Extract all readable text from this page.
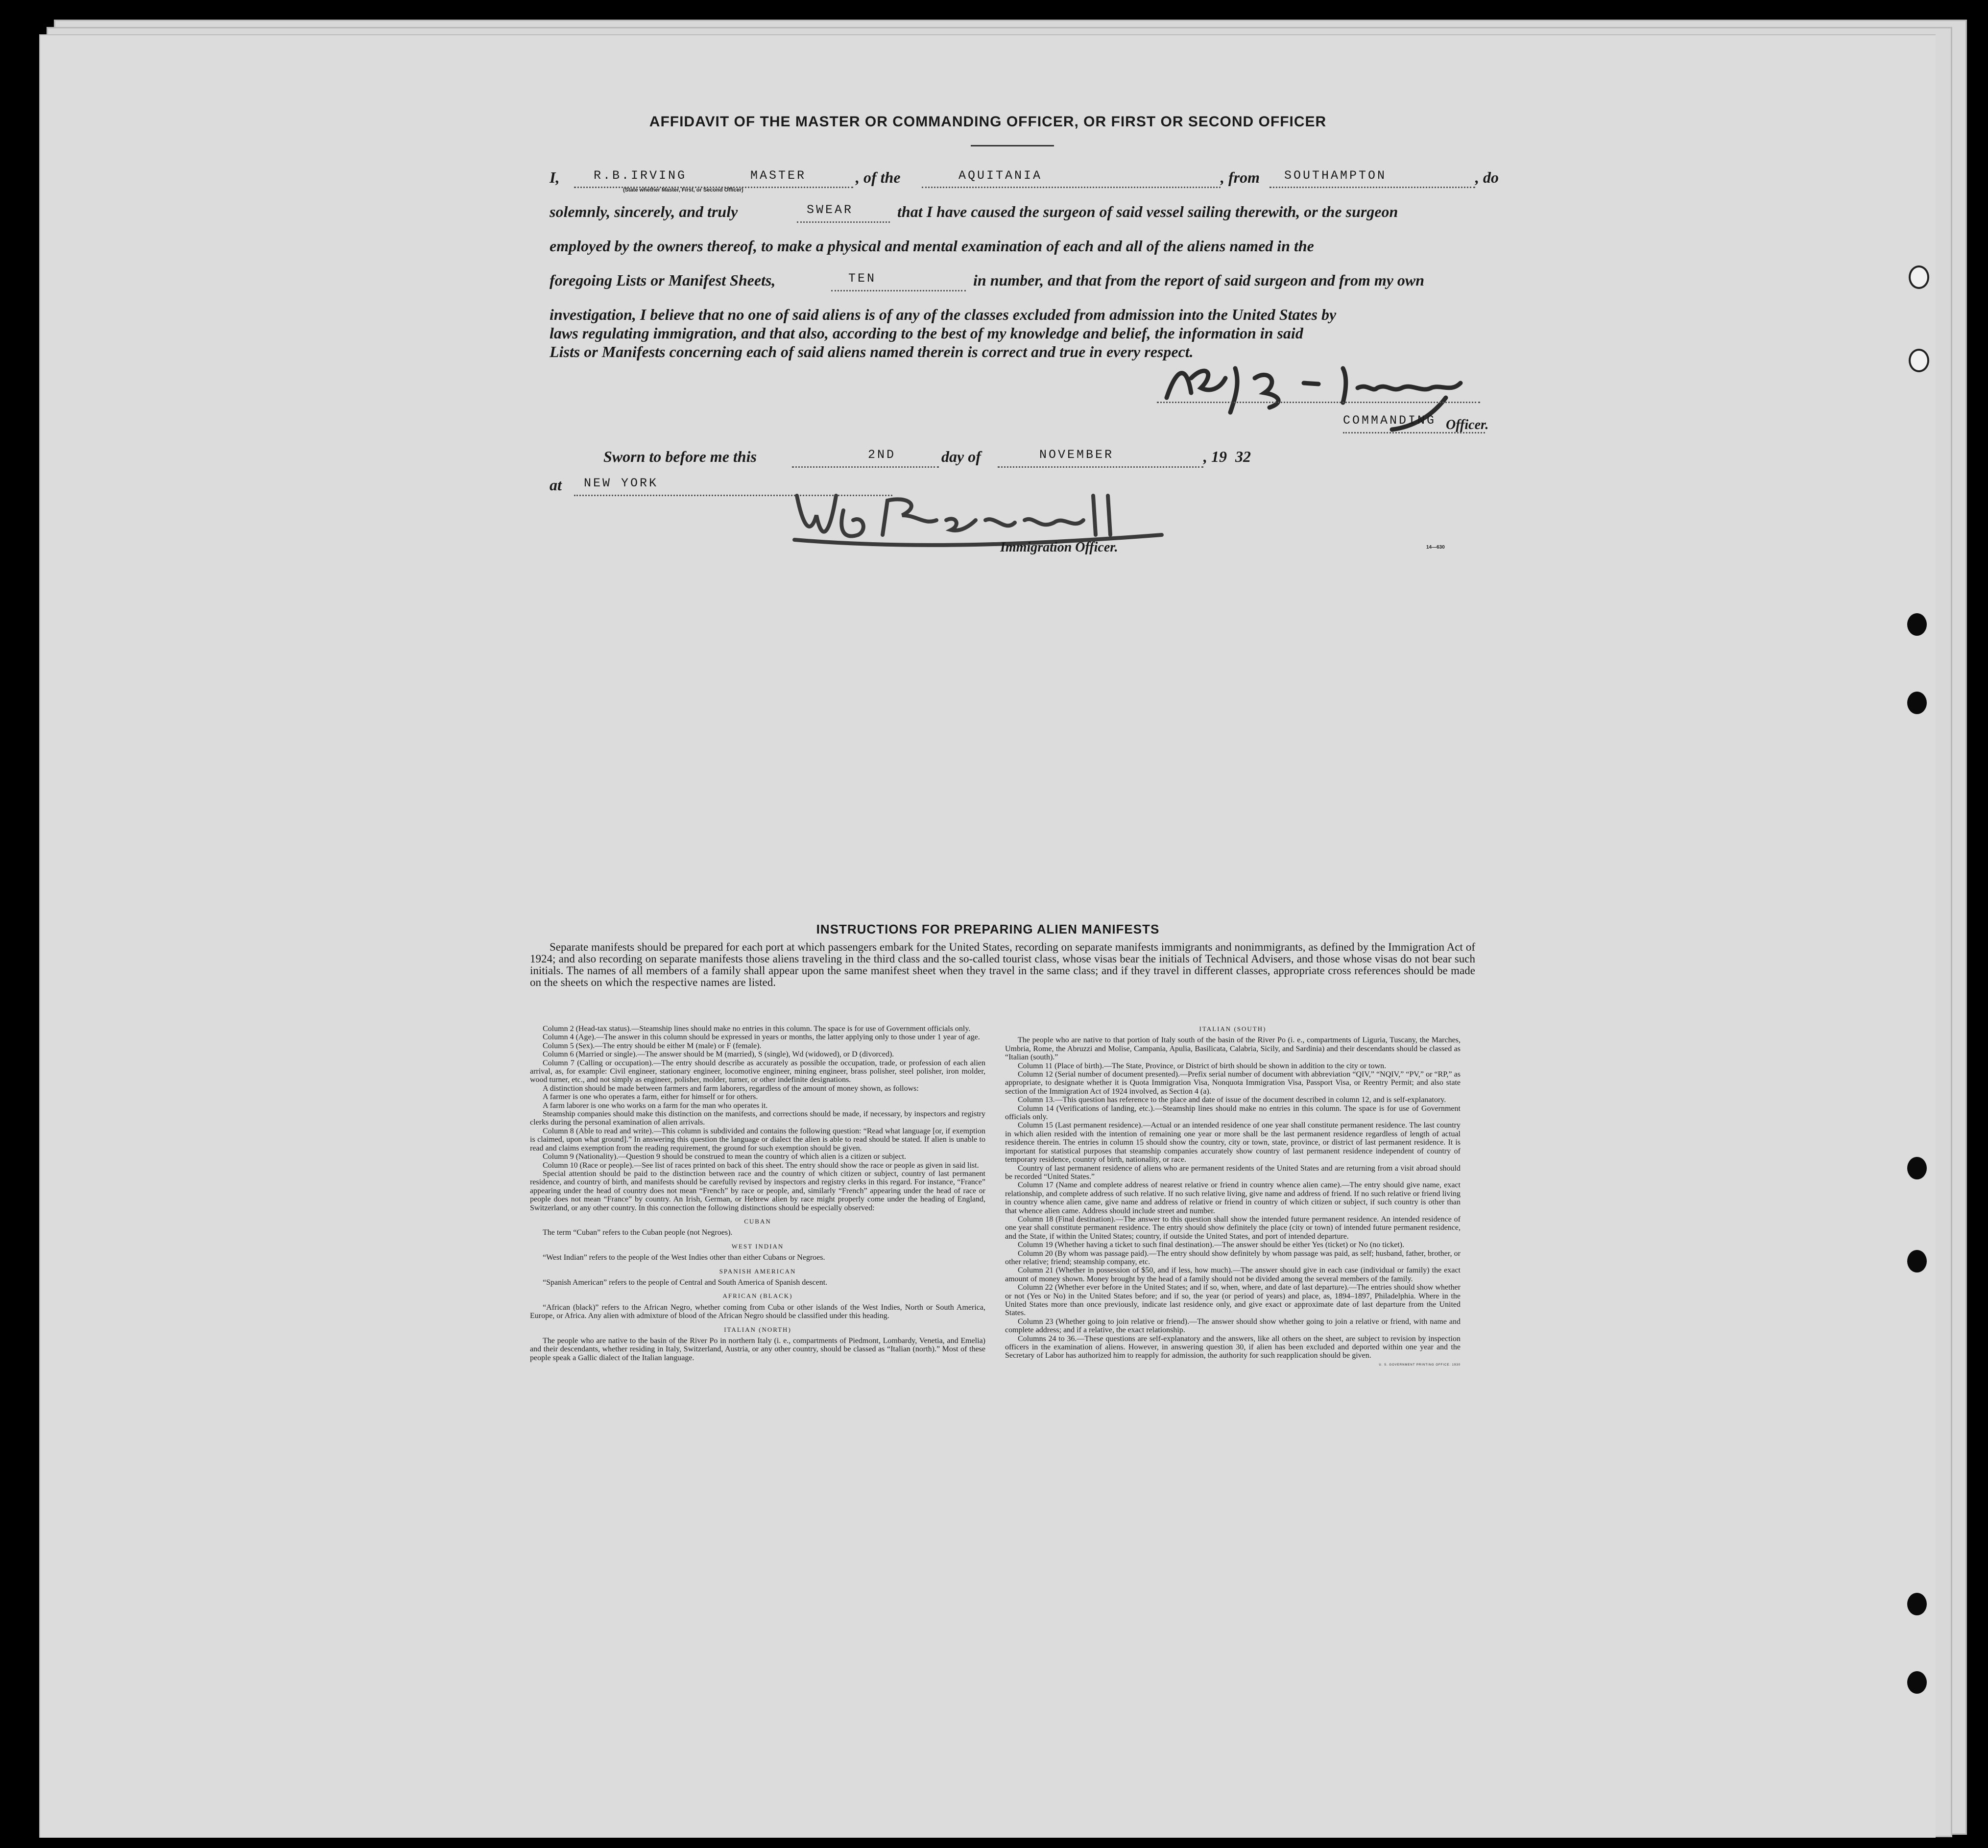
AFFIDAVIT OF THE MASTER OR COMMANDING OFFICER, OR FIRST OR SECOND OFFICER
I,	R.B.IRVING	MASTER
(State whether Master, First, or Second Officer)
, of the	AQUITANIA	, from SOUTHAMPTON	, do
solemnly, sincerely, and truly	SWEAR	that I have caused the surgeon of said vessel sailing therewith, or the surgeon
employed by the owners thereof, to make a physical and mental examination of each and all of the aliens named in the
foregoing Lists or Manifest Sheets,	TEN	in number, and that from the report of said surgeon and from my own
investigation, I believe that no one of said aliens is of any of the classes excluded from admission into the United States by
laws regulating immigration, and that also, according to the best of my knowledge and belief, the information in said
Lists or Manifests concerning each of said aliens named therein is correct and true in every respect.
COMMANDING Officer.
Sworn to before me this	2ND	day of	NOVEMBER	, 19 32
at NEW YORK
Immigration Officer.	14—630
INSTRUCTIONS FOR PREPARING ALIEN MANIFESTS

Separate manifests should be prepared for each port at which passengers embark for the United States, recording on separate manifests immigrants and nonimmigrants, as defined by the Immigration Act of 1924; and also recording on separate manifests those aliens traveling in the third class and the so-called tourist class, whose visas bear the initials of Technical Advisers, and those whose visas do not bear such initials. The names of all members of a family shall appear upon the same manifest sheet when they travel in the same class; and if they travel in different classes, appropriate cross references should be made on the sheets on which the respective names are listed.

Column 2 (Head-tax status).—Steamship lines should make no entries in this column. The space is for use of Government officials only.

Column 4 (Age).—The answer in this column should be expressed in years or months, the latter applying only to those under 1 year of age.

Column 5 (Sex).—The entry should be either M (male) or F (female).

Column 6 (Married or single).—The answer should be M (married), S (single), Wd (widowed), or D (divorced).

Column 7 (Calling or occupation).—The entry should describe as accurately as possible the occupation, trade, or profession of each alien arrival, as, for example: Civil engineer, stationary engineer, locomotive engineer, mining engineer, brass polisher, steel polisher, iron molder, wood turner, etc., and not simply as engineer, polisher, molder, turner, or other indefinite designations.

A distinction should be made between farmers and farm laborers, regardless of the amount of money shown, as follows:

A farmer is one who operates a farm, either for himself or for others.

A farm laborer is one who works on a farm for the man who operates it.

Steamship companies should make this distinction on the manifests, and corrections should be made, if necessary, by inspectors and registry clerks during the personal examination of alien arrivals.

Column 8 (Able to read and write).—This column is subdivided and contains the following question: “Read what language [or, if exemption is claimed, upon what ground].” In answering this question the language or dialect the alien is able to read should be stated. If alien is unable to read and claims exemption from the reading requirement, the ground for such exemption should be given.

Column 9 (Nationality).—Question 9 should be construed to mean the country of which alien is a citizen or subject.

Column 10 (Race or people).—See list of races printed on back of this sheet. The entry should show the race or people as given in said list.

Special attention should be paid to the distinction between race and the country of which citizen or subject, country of last permanent residence, and country of birth, and manifests should be carefully revised by inspectors and registry clerks in this regard. For instance, “France” appearing under the head of country does not mean “French” by race or people, and, similarly “French” appearing under the head of race or people does not mean “France” by country. An Irish, German, or Hebrew alien by race might properly come under the heading of England, Switzerland, or any other country. In this connection the following distinctions should be especially observed:

CUBAN

The term “Cuban” refers to the Cuban people (not Negroes).

WEST INDIAN

“West Indian” refers to the people of the West Indies other than either Cubans or Negroes.

SPANISH AMERICAN

“Spanish American” refers to the people of Central and South America of Spanish descent.

AFRICAN (BLACK)

“African (black)” refers to the African Negro, whether coming from Cuba or other islands of the West Indies, North or South America, Europe, or Africa. Any alien with admixture of blood of the African Negro should be classified under this heading.

ITALIAN (NORTH)

The people who are native to the basin of the River Po in northern Italy (i. e., compartments of Piedmont, Lombardy, Venetia, and Emelia) and their descendants, whether residing in Italy, Switzerland, Austria, or any other country, should be classed as “Italian (north).” Most of these people speak a Gallic dialect of the Italian language.

ITALIAN (SOUTH)

The people who are native to that portion of Italy south of the basin of the River Po (i. e., compartments of Liguria, Tuscany, the Marches, Umbria, Rome, the Abruzzi and Molise, Campania, Apulia, Basilicata, Calabria, Sicily, and Sardinia) and their descendants should be classed as “Italian (south).”

Column 11 (Place of birth).—The State, Province, or District of birth should be shown in addition to the city or town.

Column 12 (Serial number of document presented).—Prefix serial number of document with abbreviation “QIV,” “NQIV,” “PV,” or “RP,” as appropriate, to designate whether it is Quota Immigration Visa, Nonquota Immigration Visa, Passport Visa, or Reentry Permit; and also state section of the Immigration Act of 1924 involved, as Section 4 (a).

Column 13.—This question has reference to the place and date of issue of the document described in column 12, and is self-explanatory.

Column 14 (Verifications of landing, etc.).—Steamship lines should make no entries in this column. The space is for use of Government officials only.

Column 15 (Last permanent residence).—Actual or an intended residence of one year shall constitute permanent residence. The last country in which alien resided with the intention of remaining one year or more shall be the last permanent residence regardless of length of actual residence therein. The entries in column 15 should show the country, city or town, state, province, or district of last permanent residence. It is important for statistical purposes that steamship companies accurately show country of last permanent residence independent of country of temporary residence, country of birth, nationality, or race.

Country of last permanent residence of aliens who are permanent residents of the United States and are returning from a visit abroad should be recorded “United States.”

Column 17 (Name and complete address of nearest relative or friend in country whence alien came).—The entry should give name, exact relationship, and complete address of such relative. If no such relative living, give name and address of friend. If no such relative or friend living in country whence alien came, give name and address of relative or friend in country of which citizen or subject, if such country is other than that whence alien came. Address should include street and number.

Column 18 (Final destination).—The answer to this question shall show the intended future permanent residence. An intended residence of one year shall constitute permanent residence. The entry should show definitely the place (city or town) of intended future permanent residence, and the State, if within the United States; country, if outside the United States, and port of intended departure.

Column 19 (Whether having a ticket to such final destination).—The answer should be either Yes (ticket) or No (no ticket).

Column 20 (By whom was passage paid).—The entry should show definitely by whom passage was paid, as self; husband, father, brother, or other relative; friend; steamship company, etc.

Column 21 (Whether in possession of $50, and if less, how much).—The answer should give in each case (individual or family) the exact amount of money shown. Money brought by the head of a family should not be divided among the several members of the family.

Column 22 (Whether ever before in the United States; and if so, when, where, and date of last departure).—The entries should show whether or not (Yes or No) in the United States before; and if so, the year (or period of years) and place, as, 1894–1897, Philadelphia. Where in the United States more than once previously, indicate last residence only, and give exact or approximate date of last departure from the United States.

Column 23 (Whether going to join relative or friend).—The answer should show whether going to join a relative or friend, with name and complete address; and if a relative, the exact relationship.

Columns 24 to 36.—These questions are self-explanatory and the answers, like all others on the sheet, are subject to revision by inspection officers in the examination of aliens. However, in answering question 30, if alien has been excluded and deported within one year and the Secretary of Labor has authorized him to reapply for admission, the authority for such reapplication should be given.

U. S. GOVERNMENT PRINTING OFFICE: 1930
